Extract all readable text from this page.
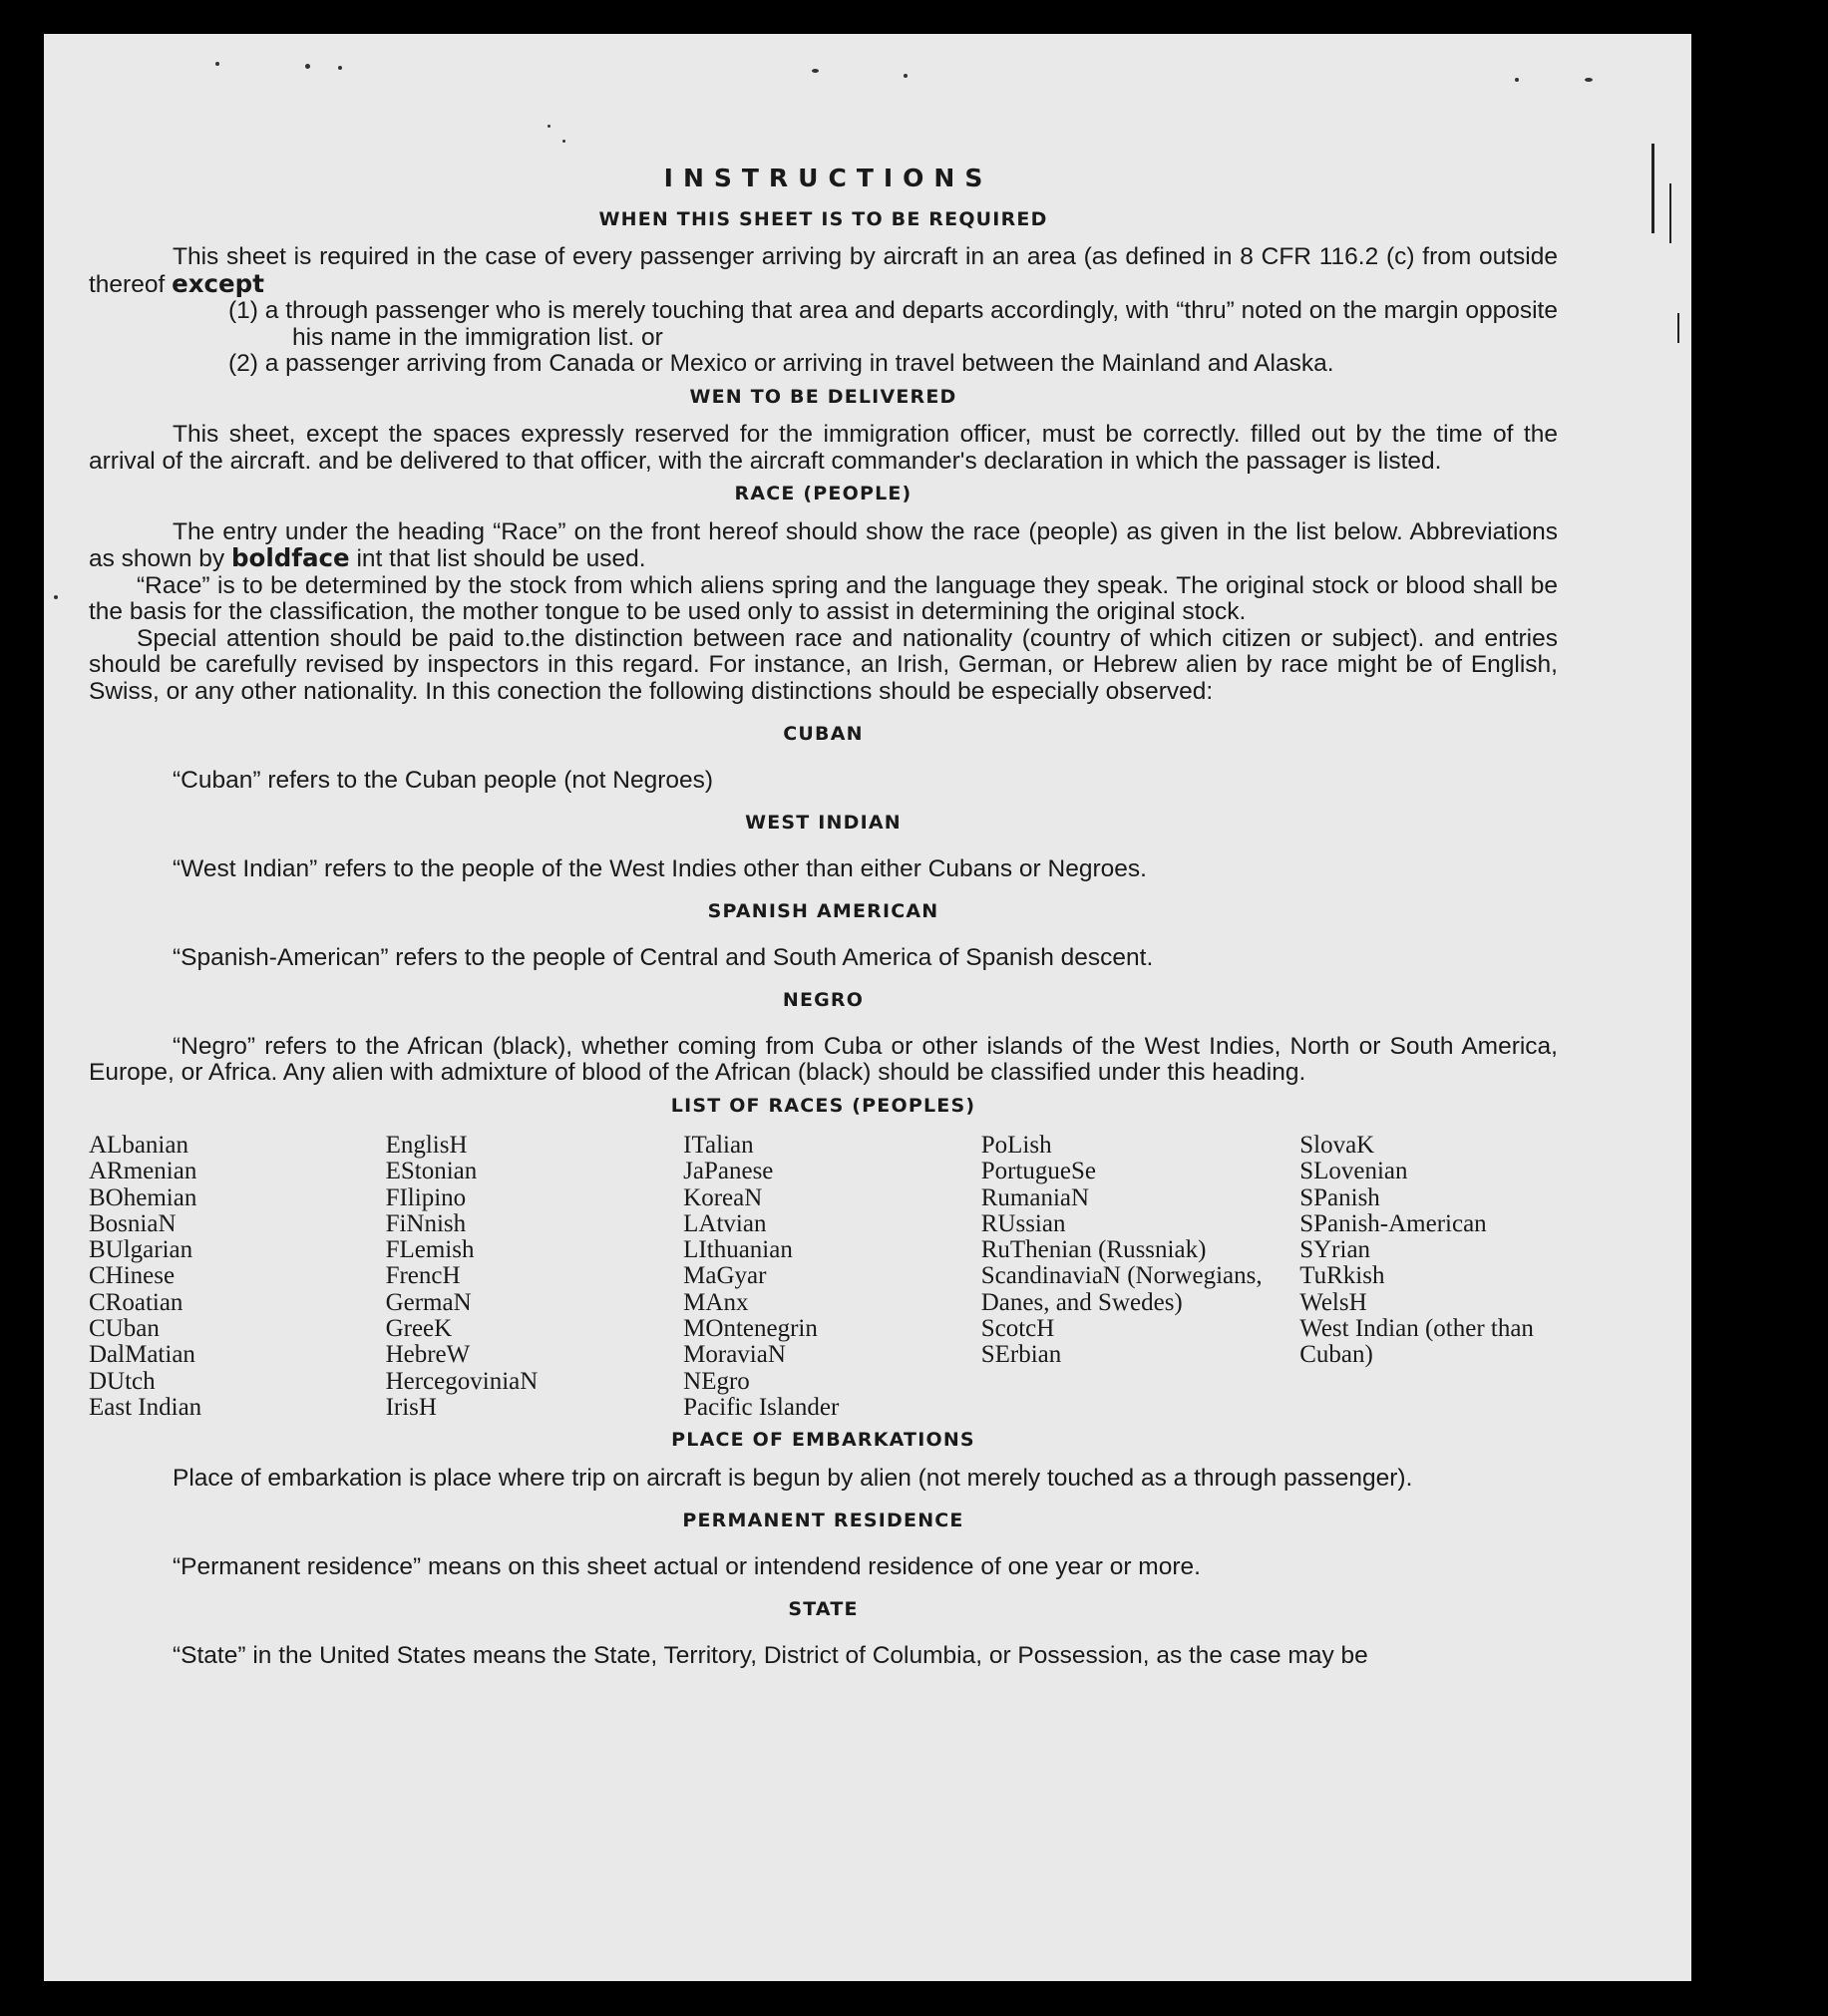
INSTRUCTIONS
WHEN THIS SHEET IS TO BE REQUIRED

This sheet is required in the case of every passenger arriving by aircraft in an area (as defined in 8 CFR 116.2 (c) from outside thereof except

(1) a through passenger who is merely touching that area and departs accordingly, with “thru” noted on the margin opposite his name in the immigration list. or

(2) a passenger arriving from Canada or Mexico or arriving in travel between the Mainland and Alaska.

WEN TO BE DELIVERED

This sheet, except the spaces expressly reserved for the immigration officer, must be correctly. filled out by the time of the arrival of the aircraft. and be delivered to that officer, with the aircraft commander's declaration in which the passager is listed.

RACE (PEOPLE)

The entry under the heading “Race” on the front hereof should show the race (people) as given in the list below. Abbreviations as shown by boldface int that list should be used.

“Race” is to be determined by the stock from which aliens spring and the language they speak. The original stock or blood shall be the basis for the classification, the mother tongue to be used only to assist in determining the original stock.

Special attention should be paid to.the distinction between race and nationality (country of which citizen or subject). and entries should be carefully revised by inspectors in this regard. For instance, an Irish, German, or Hebrew alien by race might be of English, Swiss, or any other nationality. In this conection the following distinctions should be especially observed:

CUBAN

“Cuban” refers to the Cuban people (not Negroes)

WEST INDIAN

“West Indian” refers to the people of the West Indies other than either Cubans or Negroes.

SPANISH AMERICAN

“Spanish-American” refers to the people of Central and South America of Spanish descent.

NEGRO

“Negro” refers to the African (black), whether coming from Cuba or other islands of the West Indies, North or South America, Europe, or Africa. Any alien with admixture of blood of the African (black) should be classified under this heading.

LIST OF RACES (PEOPLES)
ALbanian
ARmenian
BOhemian
BosniaN
BUlgarian
CHinese
CRoatian
CUban
DalMatian
DUtch
East Indian
EnglisH
EStonian
FIlipino
FiNnish
FLemish
FrencH
GermaN
GreeK
HebreW
HercegoviniaN
IrisH
ITalian
JaPanese
KoreaN
LAtvian
LIthuanian
MaGyar
MAnx
MOntenegrin
MoraviaN
NEgro
Pacific Islander
PoLish
PortugueSe
RumaniaN
RUssian
RuThenian (Russniak)
ScandinaviaN (Norwegians, Danes, and Swedes)
ScotcH
SErbian
SlovaK
SLovenian
SPanish
SPanish-American
SYrian
TuRkish
WelsH
West Indian (other than Cuban)
PLACE OF EMBARKATIONS

Place of embarkation is place where trip on aircraft is begun by alien (not merely touched as a through passenger).

PERMANENT RESIDENCE

“Permanent residence” means on this sheet actual or intendend residence of one year or more.

STATE

“State” in the United States means the State, Territory, District of Columbia, or Possession, as the case may be
